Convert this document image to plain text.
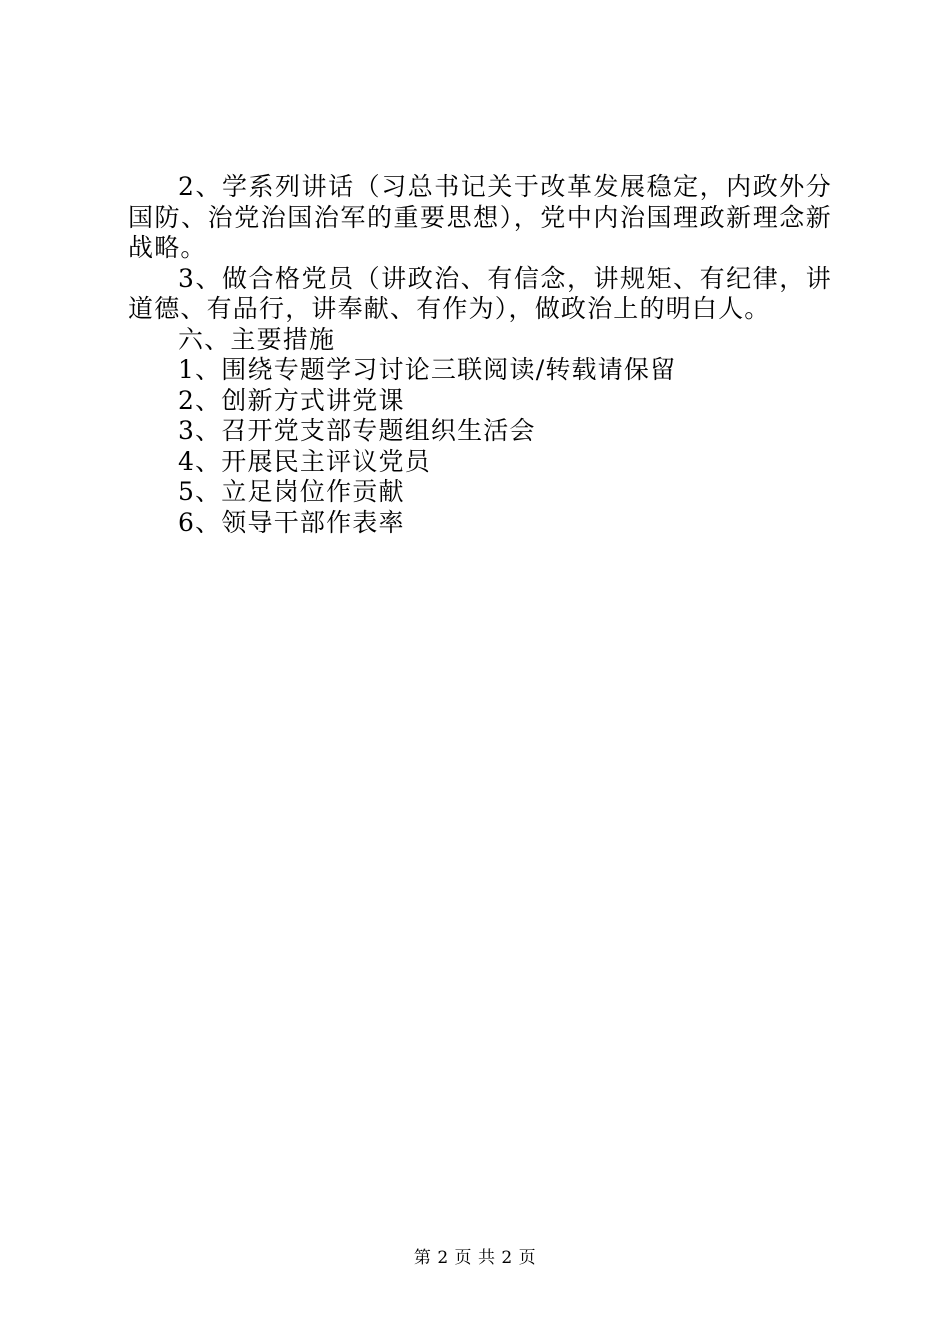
2、学系列讲话（习总书记关于改革发展稳定，内政外分国防、治党治国治军的重要思想），党中内治国理政新理念新战略。

3、做合格党员（讲政治、有信念，讲规矩、有纪律，讲道德、有品行，讲奉献、有作为），做政治上的明白人。

六、主要措施

1、围绕专题学习讨论三联阅读/转载请保留

2、创新方式讲党课

3、召开党支部专题组织生活会

4、开展民主评议党员

5、立足岗位作贡献

6、领导干部作表率

第 2 页 共 2 页
